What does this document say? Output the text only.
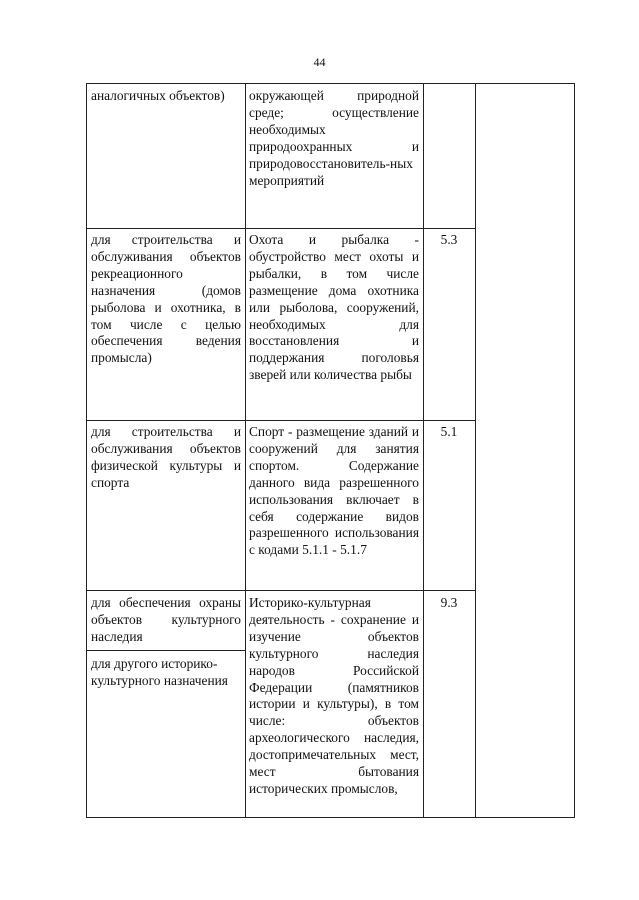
44
аналогичных объектов)	окружающей природной среде; осуществление необходимых природоохранных и природовосстановитель-ных мероприятий
для строительства и обслуживания объектов рекреационного назначения (домов рыболова и охотника, в том числе с целью обеспечения ведения промысла)
Охота и рыбалка - обустройство мест охоты и рыбалки, в том числе размещение дома охотника или рыболова, сооружений, необходимых для восстановления и поддержания поголовья зверей или количества рыбы
5.3
для строительства и обслуживания объектов физической культуры и спорта
Спорт - размещение зданий и сооружений для занятия спортом. Содержание данного вида разрешенного использования включает в себя содержание видов разрешенного использования с кодами 5.1.1 - 5.1.7
5.1
для обеспечения охраны объектов культурного наследия
для другого историко-культурного назначения
Историко-культурная деятельность - сохранение и изучение объектов культурного наследия народов Российской Федерации (памятников истории и культуры), в том числе: объектов археологического наследия, достопримечательных мест, мест бытования исторических промыслов,
9.3
